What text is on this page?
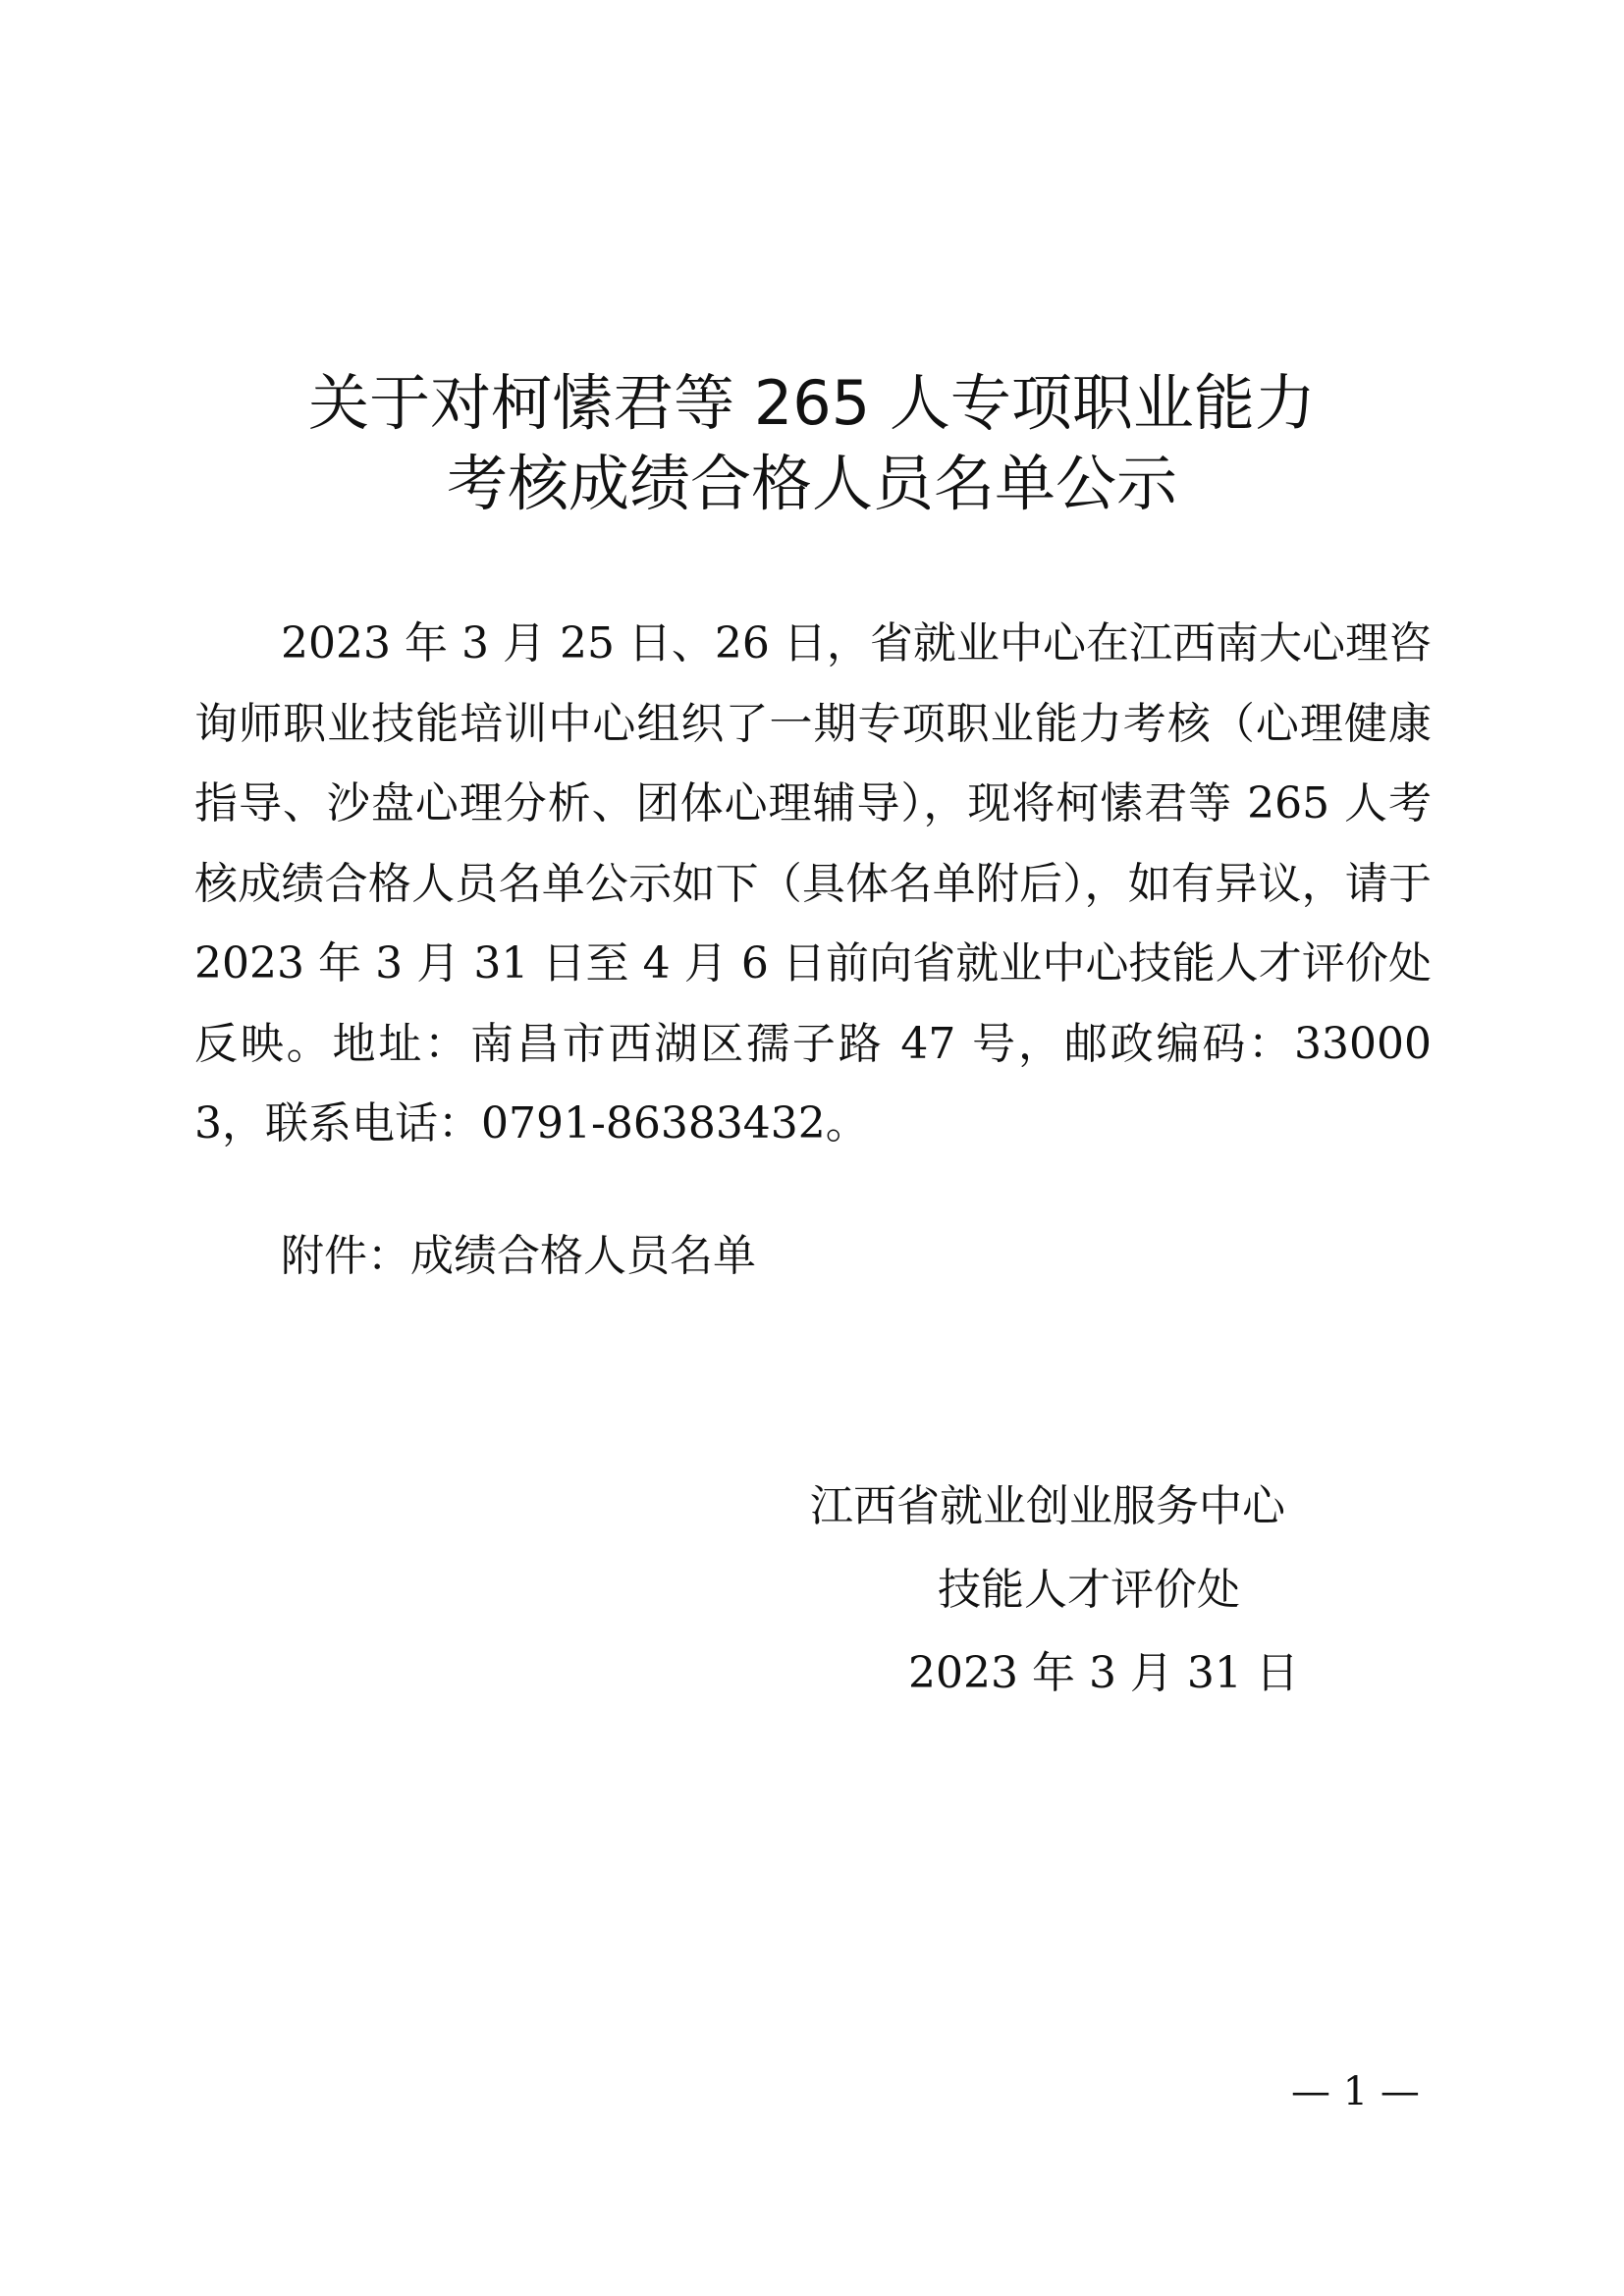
关于对柯愫君等 265 人专项职业能力
考核成绩合格人员名单公示

2023 年 3 月 25 日、26 日，省就业中心在江西南大心理咨询师职业技能培训中心组织了一期专项职业能力考核（心理健康指导、沙盘心理分析、团体心理辅导），现将柯愫君等 265 人考核成绩合格人员名单公示如下（具体名单附后），如有异议，请于 2023 年 3 月 31 日至 4 月 6 日前向省就业中心技能人才评价处反映。地址：南昌市西湖区孺子路 47 号，邮政编码：330003，联系电话：0791-86383432。

附件：成绩合格人员名单
江西省就业创业服务中心
技能人才评价处
2023 年 3 月 31 日
— 1 —
